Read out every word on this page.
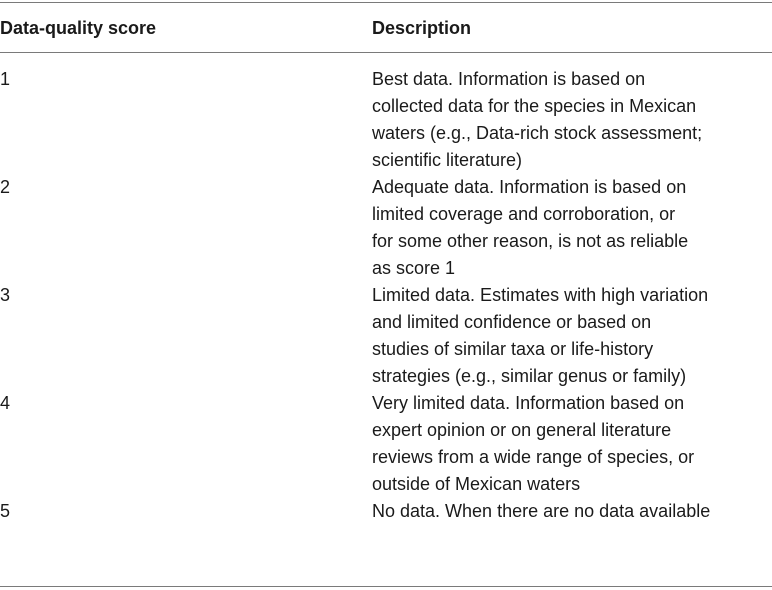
Data-quality score	Description
1	Best data. Information is based on
collected data for the species in Mexican
waters (e.g., Data-rich stock assessment;
scientific literature)
2	Adequate data. Information is based on
limited coverage and corroboration, or
for some other reason, is not as reliable
as score 1
3	Limited data. Estimates with high variation
and limited confidence or based on
studies of similar taxa or life-history
strategies (e.g., similar genus or family)
4	Very limited data. Information based on
expert opinion or on general literature
reviews from a wide range of species, or
outside of Mexican waters
5	No data. When there are no data available
